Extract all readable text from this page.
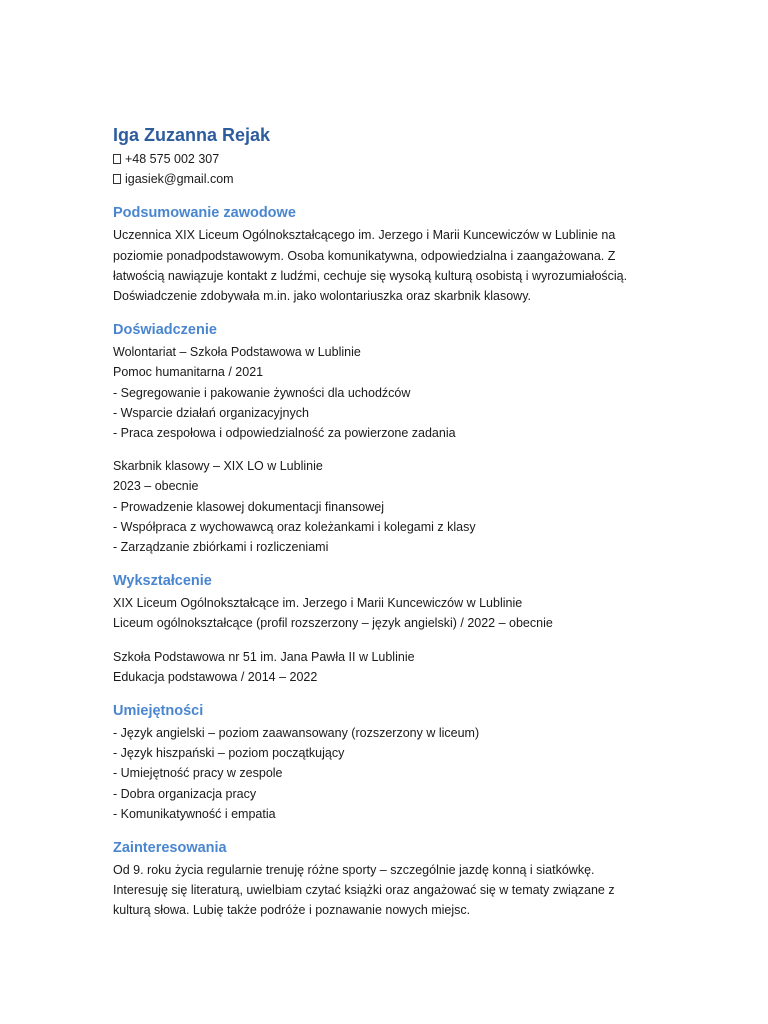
Iga Zuzanna Rejak
+48 575 002 307
igasiek@gmail.com
Podsumowanie zawodowe
Uczennica XIX Liceum Ogólnokształcącego im. Jerzego i Marii Kuncewiczów w Lublinie na
poziomie ponadpodstawowym. Osoba komunikatywna, odpowiedzialna i zaangażowana. Z
łatwością nawiązuje kontakt z ludźmi, cechuje się wysoką kulturą osobistą i wyrozumiałością.
Doświadczenie zdobywała m.in. jako wolontariuszka oraz skarbnik klasowy.
Doświadczenie
Wolontariat – Szkoła Podstawowa w Lublinie
Pomoc humanitarna / 2021
- Segregowanie i pakowanie żywności dla uchodźców
- Wsparcie działań organizacyjnych
- Praca zespołowa i odpowiedzialność za powierzone zadania
Skarbnik klasowy – XIX LO w Lublinie
2023 – obecnie
- Prowadzenie klasowej dokumentacji finansowej
- Współpraca z wychowawcą oraz koleżankami i kolegami z klasy
- Zarządzanie zbiórkami i rozliczeniami
Wykształcenie
XIX Liceum Ogólnokształcące im. Jerzego i Marii Kuncewiczów w Lublinie
Liceum ogólnokształcące (profil rozszerzony – język angielski) / 2022 – obecnie
Szkoła Podstawowa nr 51 im. Jana Pawła II w Lublinie
Edukacja podstawowa / 2014 – 2022
Umiejętności
- Język angielski – poziom zaawansowany (rozszerzony w liceum)
- Język hiszpański – poziom początkujący
- Umiejętność pracy w zespole
- Dobra organizacja pracy
- Komunikatywność i empatia
Zainteresowania
Od 9. roku życia regularnie trenuję różne sporty – szczególnie jazdę konną i siatkówkę.
Interesuję się literaturą, uwielbiam czytać książki oraz angażować się w tematy związane z
kulturą słowa. Lubię także podróże i poznawanie nowych miejsc.
